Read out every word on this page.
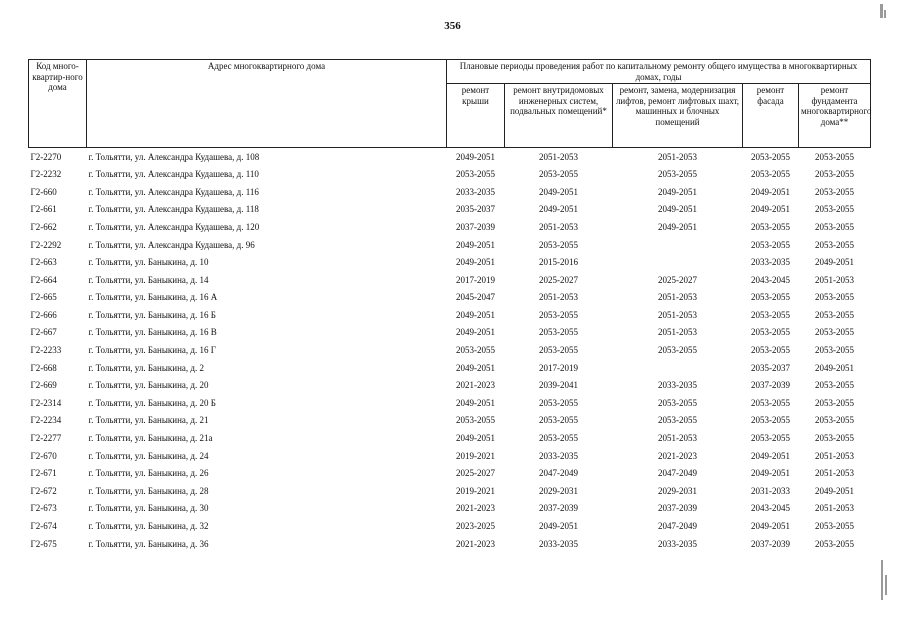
356
Код много-квартир-ного дома	Адрес многоквартирного дома	Плановые периоды проведения работ по капитальному ремонту общего имущества в многоквартирных домах, годы				
		ремонт крыши	ремонт внутридомовых инженерных систем, подвальных помещений*	ремонт, замена, модернизация лифтов, ремонт лифтовых шахт, машинных и блочных помещений	ремонт фасада	ремонт фундамента многоквартирного дома**
Г2-2270	г. Тольятти, ул. Александра Кудашева, д. 108	2049-2051	2051-2053	2051-2053	2053-2055	2053-2055
Г2-2232	г. Тольятти, ул. Александра Кудашева, д. 110	2053-2055	2053-2055	2053-2055	2053-2055	2053-2055
Г2-660	г. Тольятти, ул. Александра Кудашева, д. 116	2033-2035	2049-2051	2049-2051	2049-2051	2053-2055
Г2-661	г. Тольятти, ул. Александра Кудашева, д. 118	2035-2037	2049-2051	2049-2051	2049-2051	2053-2055
Г2-662	г. Тольятти, ул. Александра Кудашева, д. 120	2037-2039	2051-2053	2049-2051	2053-2055	2053-2055
Г2-2292	г. Тольятти, ул. Александра Кудашева, д. 96	2049-2051	2053-2055		2053-2055	2053-2055
Г2-663	г. Тольятти, ул. Баныкина, д. 10	2049-2051	2015-2016		2033-2035	2049-2051
Г2-664	г. Тольятти, ул. Баныкина, д. 14	2017-2019	2025-2027	2025-2027	2043-2045	2051-2053
Г2-665	г. Тольятти, ул. Баныкина, д. 16 А	2045-2047	2051-2053	2051-2053	2053-2055	2053-2055
Г2-666	г. Тольятти, ул. Баныкина, д. 16 Б	2049-2051	2053-2055	2051-2053	2053-2055	2053-2055
Г2-667	г. Тольятти, ул. Баныкина, д. 16 В	2049-2051	2053-2055	2051-2053	2053-2055	2053-2055
Г2-2233	г. Тольятти, ул. Баныкина, д. 16 Г	2053-2055	2053-2055	2053-2055	2053-2055	2053-2055
Г2-668	г. Тольятти, ул. Баныкина, д. 2	2049-2051	2017-2019		2035-2037	2049-2051
Г2-669	г. Тольятти, ул. Баныкина, д. 20	2021-2023	2039-2041	2033-2035	2037-2039	2053-2055
Г2-2314	г. Тольятти, ул. Баныкина, д. 20 Б	2049-2051	2053-2055	2053-2055	2053-2055	2053-2055
Г2-2234	г. Тольятти, ул. Баныкина, д. 21	2053-2055	2053-2055	2053-2055	2053-2055	2053-2055
Г2-2277	г. Тольятти, ул. Баныкина, д. 21а	2049-2051	2053-2055	2051-2053	2053-2055	2053-2055
Г2-670	г. Тольятти, ул. Баныкина, д. 24	2019-2021	2033-2035	2021-2023	2049-2051	2051-2053
Г2-671	г. Тольятти, ул. Баныкина, д. 26	2025-2027	2047-2049	2047-2049	2049-2051	2051-2053
Г2-672	г. Тольятти, ул. Баныкина, д. 28	2019-2021	2029-2031	2029-2031	2031-2033	2049-2051
Г2-673	г. Тольятти, ул. Баныкина, д. 30	2021-2023	2037-2039	2037-2039	2043-2045	2051-2053
Г2-674	г. Тольятти, ул. Баныкина, д. 32	2023-2025	2049-2051	2047-2049	2049-2051	2053-2055
Г2-675	г. Тольятти, ул. Баныкина, д. 36	2021-2023	2033-2035	2033-2035	2037-2039	2053-2055
